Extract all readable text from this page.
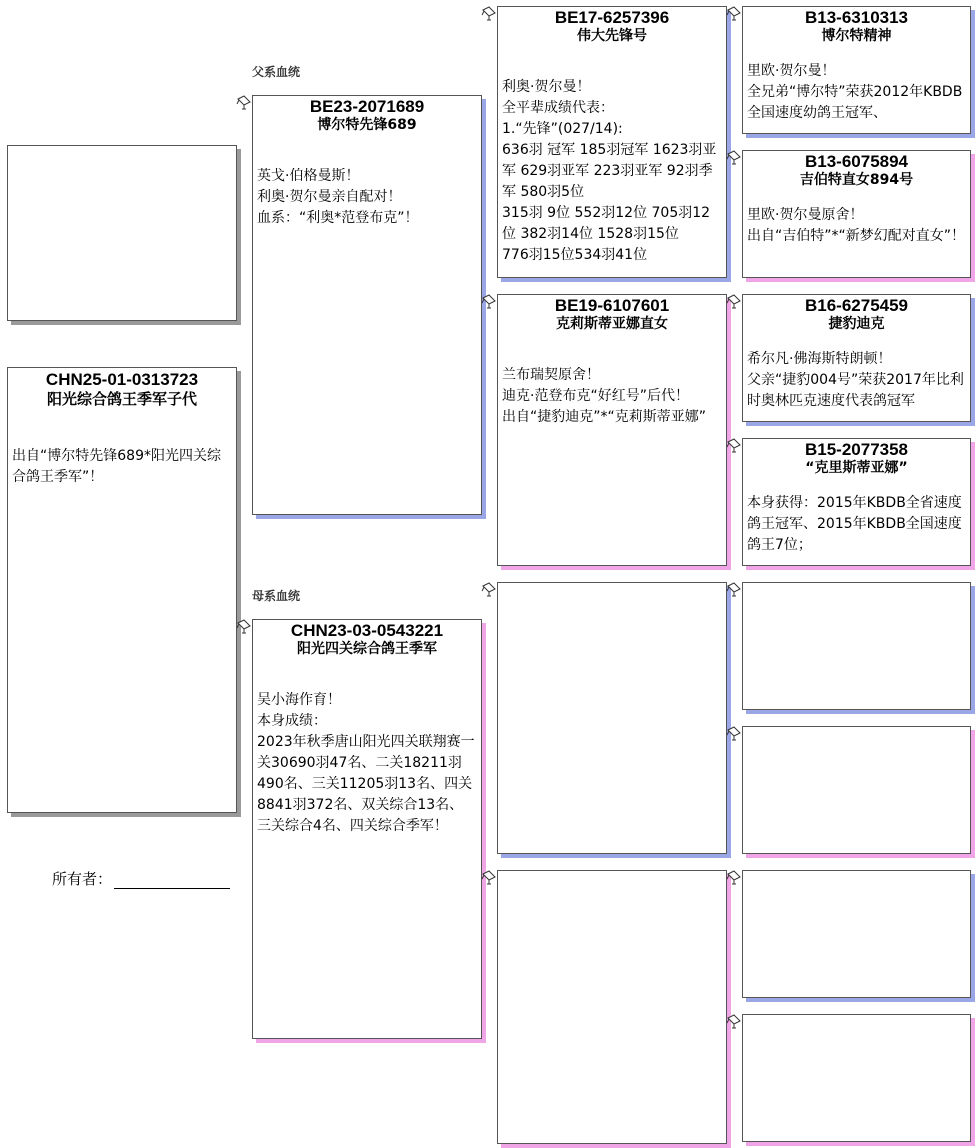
父系血统
母系血统
CHN25-01-0313723
阳光综合鸽王季军子代
出自“博尔特先锋689*阳光四关综合鸽王季军”！
所有者：
BE23-2071689
博尔特先锋689
英戈·伯格曼斯！
利奥·贺尔曼亲自配对！
血系：“利奥*范登布克”！
CHN23-03-0543221
阳光四关综合鸽王季军
吴小海作育！
本身成绩：
2023年秋季唐山阳光四关联翔赛一关30690羽47名、二关18211羽490名、三关11205羽13名、四关8841羽372名、双关综合13名、三关综合4名、四关综合季军！
BE17-6257396
伟大先锋号
利奥·贺尔曼！
全平辈成绩代表：
1.“先锋”(027/14):
636羽 冠军 185羽冠军 1623羽亚军 629羽亚军 223羽亚军 92羽季军 580羽5位
315羽 9位 552羽12位 705羽12位 382羽14位 1528羽15位
776羽15位534羽41位
BE19-6107601
克莉斯蒂亚娜直女
兰布瑞契原舍！
迪克·范登布克“好红号”后代！
出自“捷豹迪克”*“克莉斯蒂亚娜”
B13-6310313
博尔特精神
里欧·贺尔曼！
全兄弟“博尔特”荣获2012年KBDB全国速度幼鸽王冠军、
B13-6075894
吉伯特直女894号
里欧·贺尔曼原舍！
出自“吉伯特”*“新梦幻配对直女”！
B16-6275459
捷豹迪克
希尔凡·佛海斯特朗顿！
父亲“捷豹004号”荣获2017年比利时奥林匹克速度代表鸽冠军
B15-2077358
“克里斯蒂亚娜”
本身获得：2015年KBDB全省速度鸽王冠军、2015年KBDB全国速度鸽王7位；
